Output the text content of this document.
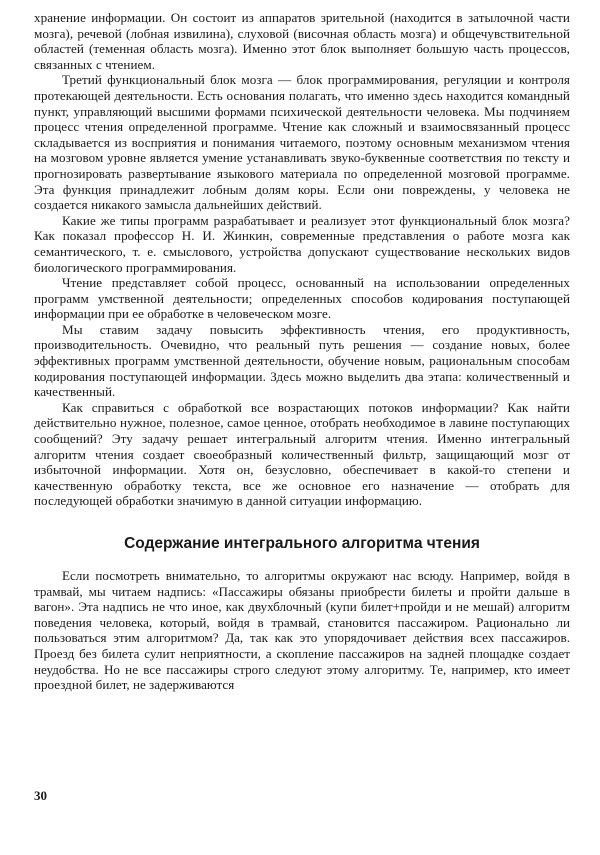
хранение информации. Он состоит из аппаратов зрительной (находится в затылочной части мозга), речевой (лобная извилина), слуховой (височная область мозга) и общечувствительной областей (теменная область мозга). Именно этот блок выполняет большую часть процессов, связанных с чтением.

Третий функциональный блок мозга — блок программирования, регуляции и контроля протекающей деятельности. Есть основания полагать, что именно здесь находится командный пункт, управляющий высшими формами психической деятельности человека. Мы подчиняем процесс чтения определенной программе. Чтение как сложный и взаимосвязанный процесс складывается из восприятия и понимания читаемого, поэтому основным механизмом чтения на мозговом уровне является умение устанавливать звуко-буквенные соответствия по тексту и прогнозировать развертывание языкового материала по определенной мозговой программе. Эта функция принадлежит лобным долям коры. Если они повреждены, у человека не создается никакого замысла дальнейших действий.

Какие же типы программ разрабатывает и реализует этот функциональный блок мозга? Как показал профессор Н. И. Жинкин, современные представления о работе мозга как семантического, т. е. смыслового, устройства допускают существование нескольких видов биологического программирования.

Чтение представляет собой процесс, основанный на использовании определенных программ умственной деятельности; определенных способов кодирования поступающей информации при ее обработке в человеческом мозге.

Мы ставим задачу повысить эффективность чтения, его продуктивность, производительность. Очевидно, что реальный путь решения — создание новых, более эффективных программ умственной деятельности, обучение новым, рациональным способам кодирования поступающей информации. Здесь можно выделить два этапа: количественный и качественный.

Как справиться с обработкой все возрастающих потоков информации? Как найти действительно нужное, полезное, самое ценное, отобрать необходимое в лавине поступающих сообщений? Эту задачу решает интегральный алгоритм чтения. Именно интегральный алгоритм чтения создает своеобразный количественный фильтр, защищающий мозг от избыточной информации. Хотя он, безусловно, обеспечивает в какой-то степени и качественную обработку текста, все же основное его назначение — отобрать для последующей обработки значимую в данной ситуации информацию.

Содержание интегрального алгоритма чтения

Если посмотреть внимательно, то алгоритмы окружают нас всюду. Например, войдя в трамвай, мы читаем надпись: «Пассажиры обязаны приобрести билеты и пройти дальше в вагон». Эта надпись не что иное, как двухблочный (купи билет+пройди и не мешай) алгоритм поведения человека, который, войдя в трамвай, становится пассажиром. Рационально ли пользоваться этим алгоритмом? Да, так как это упорядочивает действия всех пассажиров. Проезд без билета сулит неприятности, а скопление пассажиров на задней площадке создает неудобства. Но не все пассажиры строго следуют этому алгоритму. Те, например, кто имеет проездной билет, не задерживаются

30
